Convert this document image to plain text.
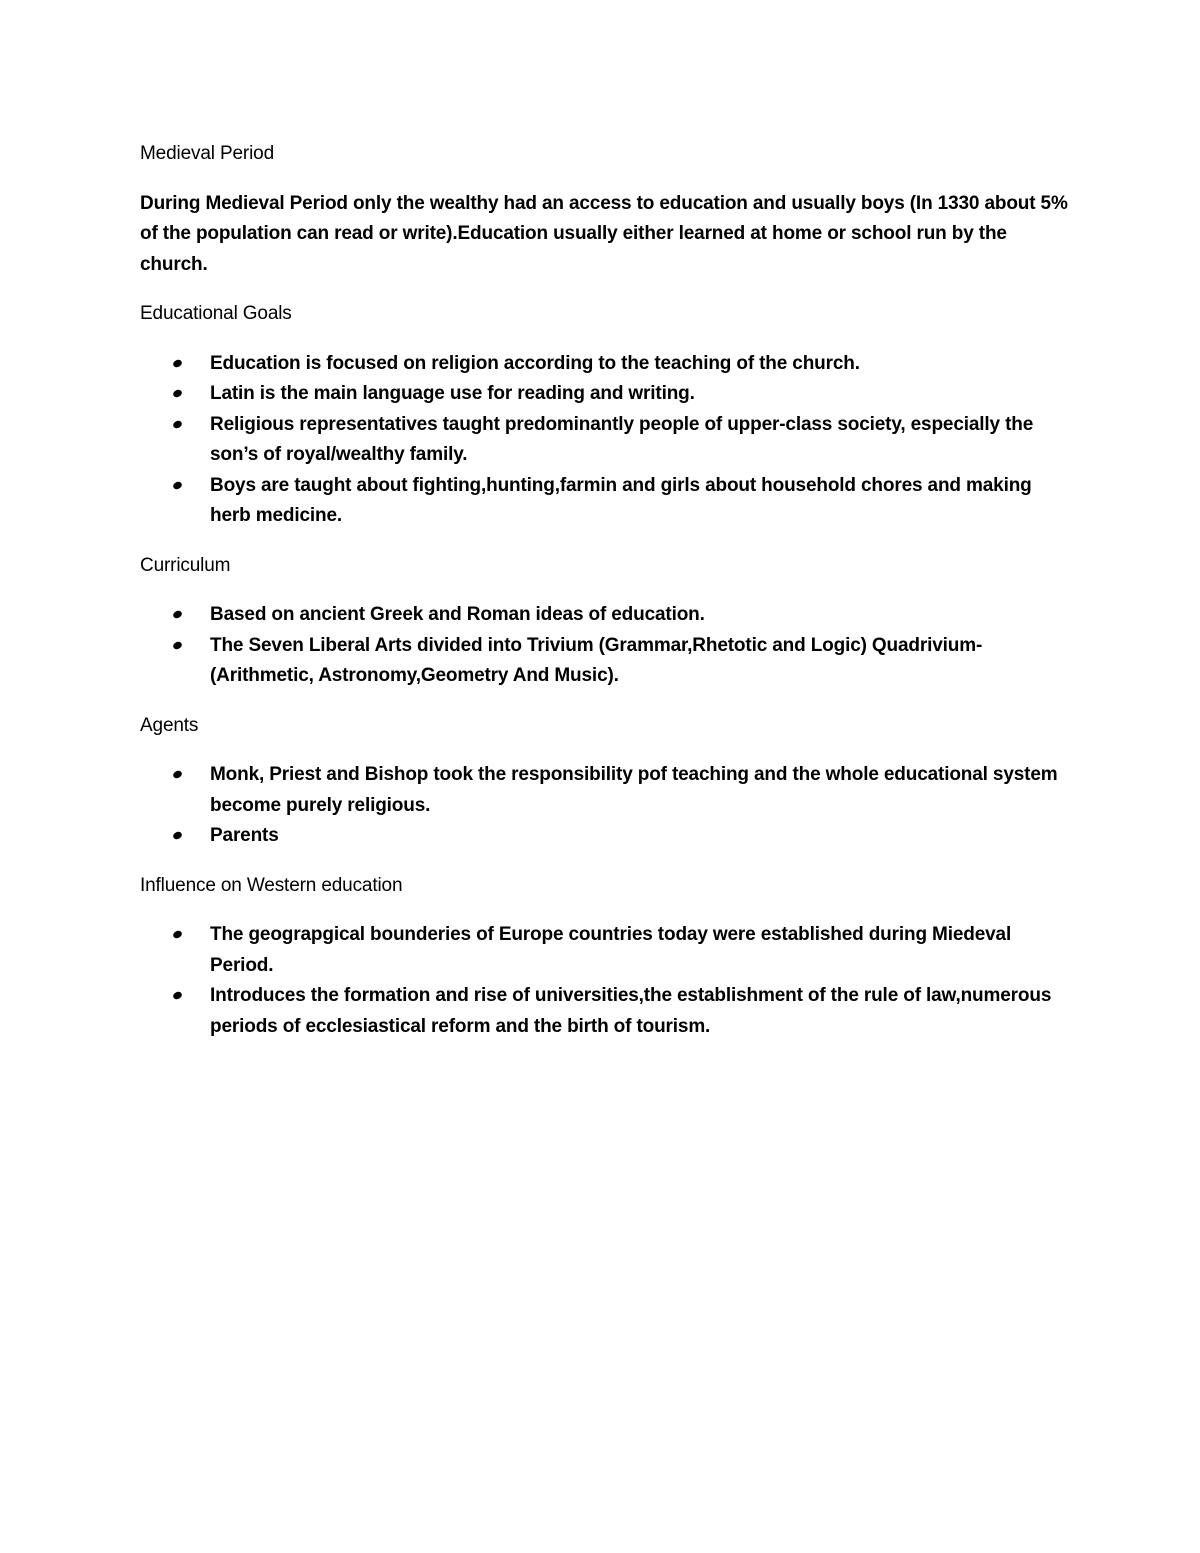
Medieval Period

During Medieval Period only the wealthy had an access to education and usually boys (In 1330 about 5% of the population can read or write).Education usually either learned at home or school run by the church.

Educational Goals

Education is focused on religion according to the teaching of the church.
Latin is the main language use for reading and writing.
Religious representatives taught predominantly people of upper-class society, especially the son’s of royal/wealthy family.
Boys are taught about fighting,hunting,farmin and girls about household chores and making herb medicine.

Curriculum

Based on ancient Greek and Roman ideas of education.
The Seven Liberal Arts divided into Trivium (Grammar,Rhetotic and Logic) Quadrivium- (Arithmetic, Astronomy,Geometry And Music).

Agents

Monk, Priest and Bishop took the responsibility pof teaching and the whole educational system become purely religious.
Parents

Influence on Western education

The geograpgical bounderies of Europe countries today were established during Miedeval Period.
Introduces the formation and rise of universities,the establishment of the rule of law,numerous periods of ecclesiastical reform and the birth of tourism.
